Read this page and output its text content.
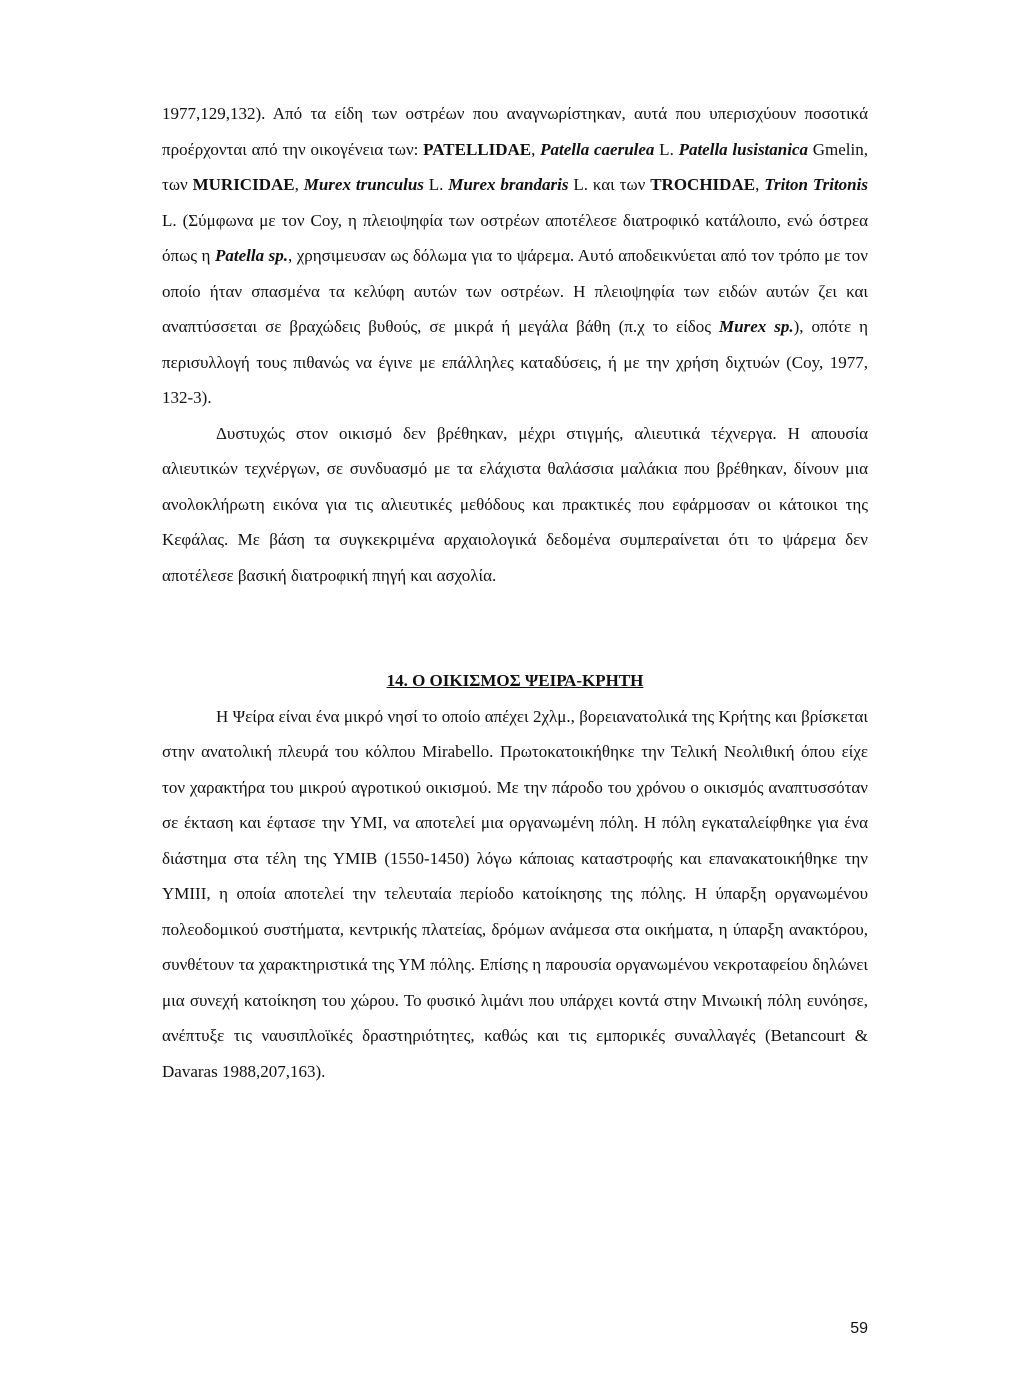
1977,129,132). Από τα είδη των οστρέων που αναγνωρίστηκαν, αυτά που υπερισχύουν ποσοτικά προέρχονται από την οικογένεια των: PATELLIDAE, Patella caerulea L. Patella lusistanica Gmelin, των MURICIDAE, Murex trunculus L. Murex brandaris L. και των TROCHIDAE, Triton Tritonis L. (Σύμφωνα με τον Coy, η πλειοψηφία των οστρέων αποτέλεσε διατροφικό κατάλοιπο, ενώ όστρεα όπως η Patella sp., χρησιμευσαν ως δόλωμα για το ψάρεμα. Αυτό αποδεικνύεται από τον τρόπο με τον οποίο ήταν σπασμένα τα κελύφη αυτών των οστρέων. Η πλειοψηφία των ειδών αυτών ζει και αναπτύσσεται σε βραχώδεις βυθούς, σε μικρά ή μεγάλα βάθη (π.χ το είδος Murex sp.), οπότε η περισυλλογή τους πιθανώς να έγινε με επάλληλες καταδύσεις, ή με την χρήση διχτυών (Coy, 1977, 132-3).

Δυστυχώς στον οικισμό δεν βρέθηκαν, μέχρι στιγμής, αλιευτικά τέχνεργα. Η απουσία αλιευτικών τεχνέργων, σε συνδυασμό με τα ελάχιστα θαλάσσια μαλάκια που βρέθηκαν, δίνουν μια ανολοκλήρωτη εικόνα για τις αλιευτικές μεθόδους και πρακτικές που εφάρμοσαν οι κάτοικοι της Κεφάλας. Με βάση τα συγκεκριμένα αρχαιολογικά δεδομένα συμπεραίνεται ότι το ψάρεμα δεν αποτέλεσε βασική διατροφική πηγή και ασχολία.

14. Ο ΟΙΚΙΣΜΟΣ ΨΕΙΡΑ-ΚΡΗΤΗ

Η Ψείρα είναι ένα μικρό νησί το οποίο απέχει 2χλμ., βορειανατολικά της Κρήτης και βρίσκεται στην ανατολική πλευρά του κόλπου Mirabello. Πρωτοκατοικήθηκε την Τελική Νεολιθική όπου είχε τον χαρακτήρα του μικρού αγροτικού οικισμού. Με την πάροδο του χρόνου ο οικισμός αναπτυσσόταν σε έκταση και έφτασε την ΥΜΙ, να αποτελεί μια οργανωμένη πόλη. Η πόλη εγκαταλείφθηκε για ένα διάστημα στα τέλη της ΥΜΙΒ (1550-1450) λόγω κάποιας καταστροφής και επανακατοικήθηκε την ΥΜΙΙΙ, η οποία αποτελεί την τελευταία περίοδο κατοίκησης της πόλης. Η ύπαρξη οργανωμένου πολεοδομικού συστήματα, κεντρικής πλατείας, δρόμων ανάμεσα στα οικήματα, η ύπαρξη ανακτόρου, συνθέτουν τα χαρακτηριστικά της ΥΜ πόλης. Επίσης η παρουσία οργανωμένου νεκροταφείου δηλώνει μια συνεχή κατοίκηση του χώρου. Το φυσικό λιμάνι που υπάρχει κοντά στην Μινωική πόλη ευνόησε, ανέπτυξε τις ναυσιπλοϊκές δραστηριότητες, καθώς και τις εμπορικές συναλλαγές (Betancourt & Davaras 1988,207,163).

59
